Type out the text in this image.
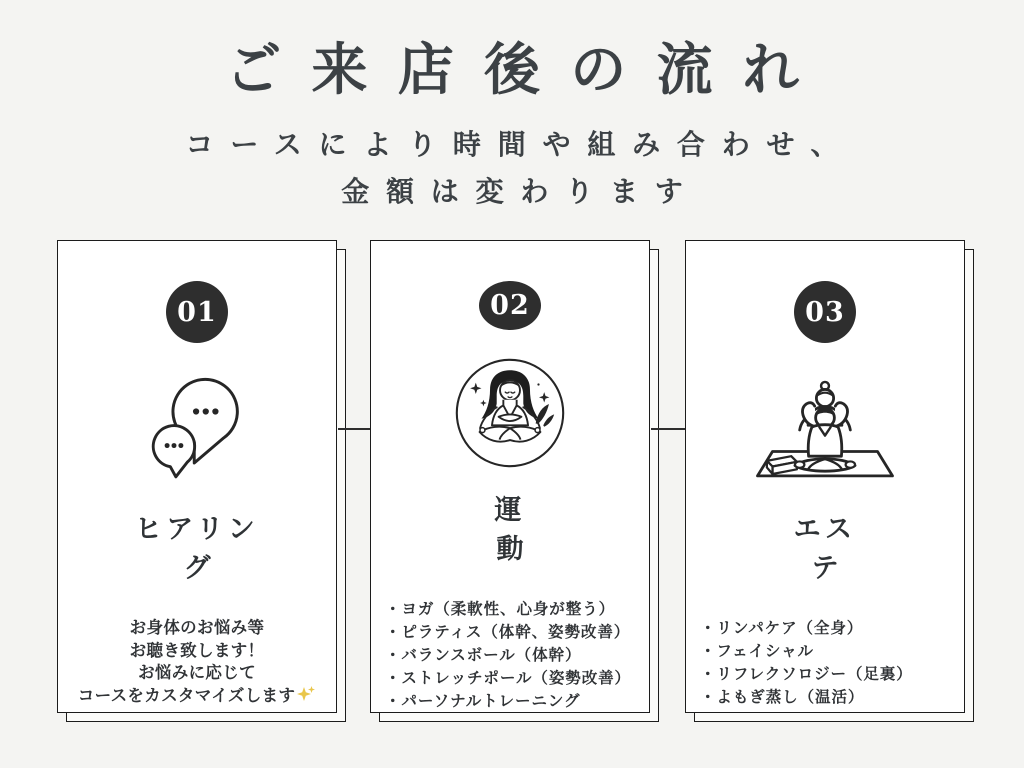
ご来店後の流れ
コースにより時間や組み合わせ、
金額は変わります
01
ヒアリング
お身体のお悩み等
お聴き致します！
お悩みに応じて
コースをカスタマイズします
02
運動
・ヨガ（柔軟性、心身が整う）
・ピラティス（体幹、姿勢改善）
・バランスボール（体幹）
・ストレッチポール（姿勢改善）
・パーソナルトレーニング
03
エステ
・リンパケア（全身）
・フェイシャル
・リフレクソロジー（足裏）
・よもぎ蒸し（温活）
